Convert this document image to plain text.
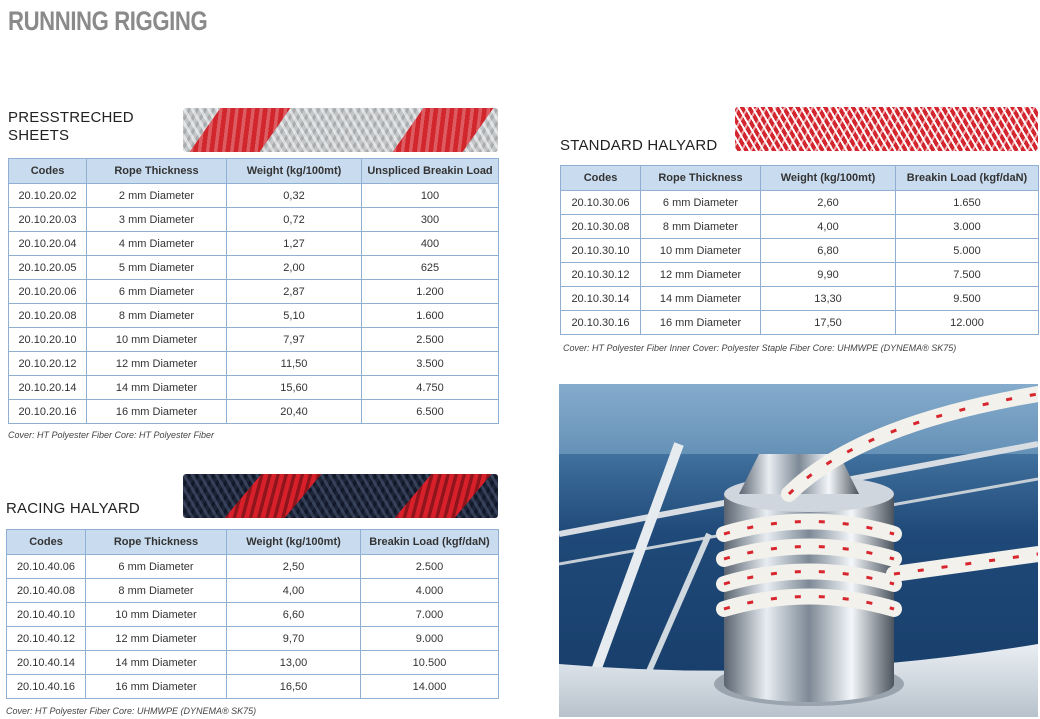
RUNNING RIGGING
PRESSTRECHED
SHEETS
Codes	Rope Thickness	Weight (kg/100mt)	Unspliced Breakin Load
20.10.20.02	2 mm Diameter	0,32	100
20.10.20.03	3 mm Diameter	0,72	300
20.10.20.04	4 mm Diameter	1,27	400
20.10.20.05	5 mm Diameter	2,00	625
20.10.20.06	6 mm Diameter	2,87	1.200
20.10.20.08	8 mm Diameter	5,10	1.600
20.10.20.10	10 mm Diameter	7,97	2.500
20.10.20.12	12 mm Diameter	11,50	3.500
20.10.20.14	14 mm Diameter	15,60	4.750
20.10.20.16	16 mm Diameter	20,40	6.500
Cover: HT Polyester Fiber Core: HT Polyester Fiber
RACING HALYARD
Codes	Rope Thickness	Weight (kg/100mt)	Breakin Load (kgf/daN)
20.10.40.06	6 mm Diameter	2,50	2.500
20.10.40.08	8 mm Diameter	4,00	4.000
20.10.40.10	10 mm Diameter	6,60	7.000
20.10.40.12	12 mm Diameter	9,70	9.000
20.10.40.14	14 mm Diameter	13,00	10.500
20.10.40.16	16 mm Diameter	16,50	14.000
Cover: HT Polyester Fiber Core: UHMWPE (DYNEMA® SK75)
STANDARD HALYARD
Codes	Rope Thickness	Weight (kg/100mt)	Breakin Load (kgf/daN)
20.10.30.06	6 mm Diameter	2,60	1.650
20.10.30.08	8 mm Diameter	4,00	3.000
20.10.30.10	10 mm Diameter	6,80	5.000
20.10.30.12	12 mm Diameter	9,90	7.500
20.10.30.14	14 mm Diameter	13,30	9.500
20.10.30.16	16 mm Diameter	17,50	12.000
Cover: HT Polyester Fiber Inner Cover: Polyester Staple Fiber Core: UHMWPE (DYNEMA® SK75)
